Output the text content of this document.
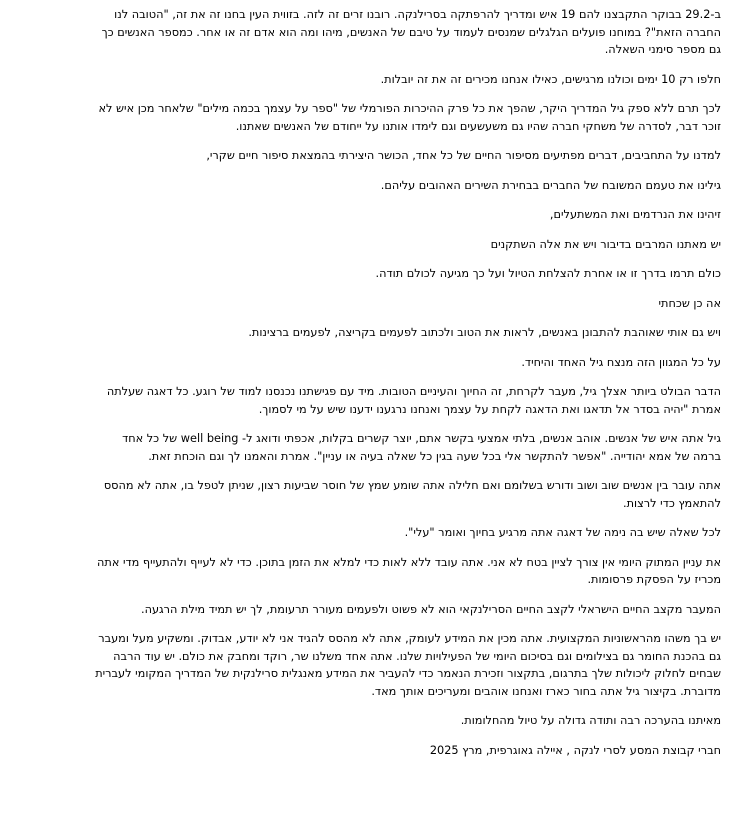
ב-29.2 בבוקר התקבצנו להם 19 איש ומדריך להרפתקה בסרילנקה. רובנו זרים זה לזה. בזווית העין בחנו זה את זה, "הטובה לנו החברה הזאת"? במוחנו פועלים הגלגלים שמנסים לעמוד על טיבם של האנשים, מיהו ומה הוא אדם זה או אחר. כמספר האנשים כך גם מספר סימני השאלה.

חלפו רק 10 ימים וכולנו מרגישים, כאילו אנחנו מכירים זה את זה יובלות.

לכך תרם ללא ספק גיל המדריך היקר, שהפך את כל פרק ההיכרות הפורמלי של "ספר על עצמך בכמה מילים" שלאחר מכן איש לא זוכר דבר, לסדרה של משחקי חברה שהיו גם משעשעים וגם לימדו אותנו על ייחודם של האנשים שאתנו.

למדנו על התחביבים, דברים מפתיעים מסיפור החיים של כל אחד, הכושר היצירתי בהמצאת סיפור חיים שקרי,

גילינו את טעמם המשובח של החברים בבחירת השירים האהובים עליהם.

זיהינו את הנרדמים ואת המשתעלים,

יש מאתנו המרבים בדיבור ויש את אלה השתקנים

כולם תרמו בדרך זו או אחרת להצלחת הטיול ועל כך מגיעה לכולם תודה.

אה כן שכחתי

ויש גם אותי שאוהבת להתבונן באנשים, לראות את הטוב ולכתוב לפעמים בקריצה, לפעמים ברצינות.

על כל המגוון הזה מנצח גיל האחד והיחיד.

הדבר הבולט ביותר אצלך גיל, מעבר לקרחת, זה החיוך והעיניים הטובות. מיד עם פגישתנו נכנסנו למוד של רוגע. כל דאגה שעלתה אמרת "יהיה בסדר אל תדאגו ואת הדאגה לקחת על עצמך ואנחנו נרגענו ידענו שיש על מי לסמוך.

גיל אתה איש של אנשים. אוהב אנשים, בלתי אמצעי בקשר אתם, יוצר קשרים בקלות, אכפתי ודואג ל- well being של כל אחד ברמה של אמא יהודייה. "אפשר להתקשר אלי בכל שעה בגין כל שאלה בעיה או עניין". אמרת והאמנו לך וגם הוכחת זאת.

אתה עובר בין אנשים שוב ושוב ודורש בשלומם ואם חלילה אתה שומע שמץ של חוסר שביעות רצון, שניתן לטפל בו, אתה לא מהסס להתאמץ כדי לרצות.

לכל שאלה שיש בה נימה של דאגה אתה מרגיע בחיוך ואומר "עלי".

את עניין המתוק היומי אין צורך לציין בטח לא אני. אתה עובד ללא לאות כדי למלא את הזמן בתוכן. כדי לא לעייף ולהתעייף מדי אתה מכריז על הפסקת פרסומות.

המעבר מקצב החיים הישראלי לקצב החיים הסרילנקאי הוא לא פשוט ולפעמים מעורר תרעומת, לך יש תמיד מילת הרגעה.

יש בך משהו מהראשוניות המקצועית. אתה מכין את המידע לעומק, אתה לא מהסס להגיד אני לא יודע, אבדוק. ומשקיע מעל ומעבר גם בהכנת החומר גם בצילומים וגם בסיכום היומי של הפעילויות שלנו. אתה אחד משלנו שר, רוקד ומחבק את כולם. יש עוד הרבה שבחים לחלוק ליכולות שלך בתרגום, בתקצור וזכירת הנאמר כדי להעביר את המידע מאנגלית סרילנקית של המדריך המקומי לעברית מדוברת. בקיצור גיל אתה בחור כארז ואנחנו אוהבים ומעריכים אותך מאד.

מאיתנו בהערכה רבה ותודה גדולה על טיול מהחלומות.

חברי קבוצת המסע לסרי לנקה , איילה גאוגרפית, מרץ 2025
